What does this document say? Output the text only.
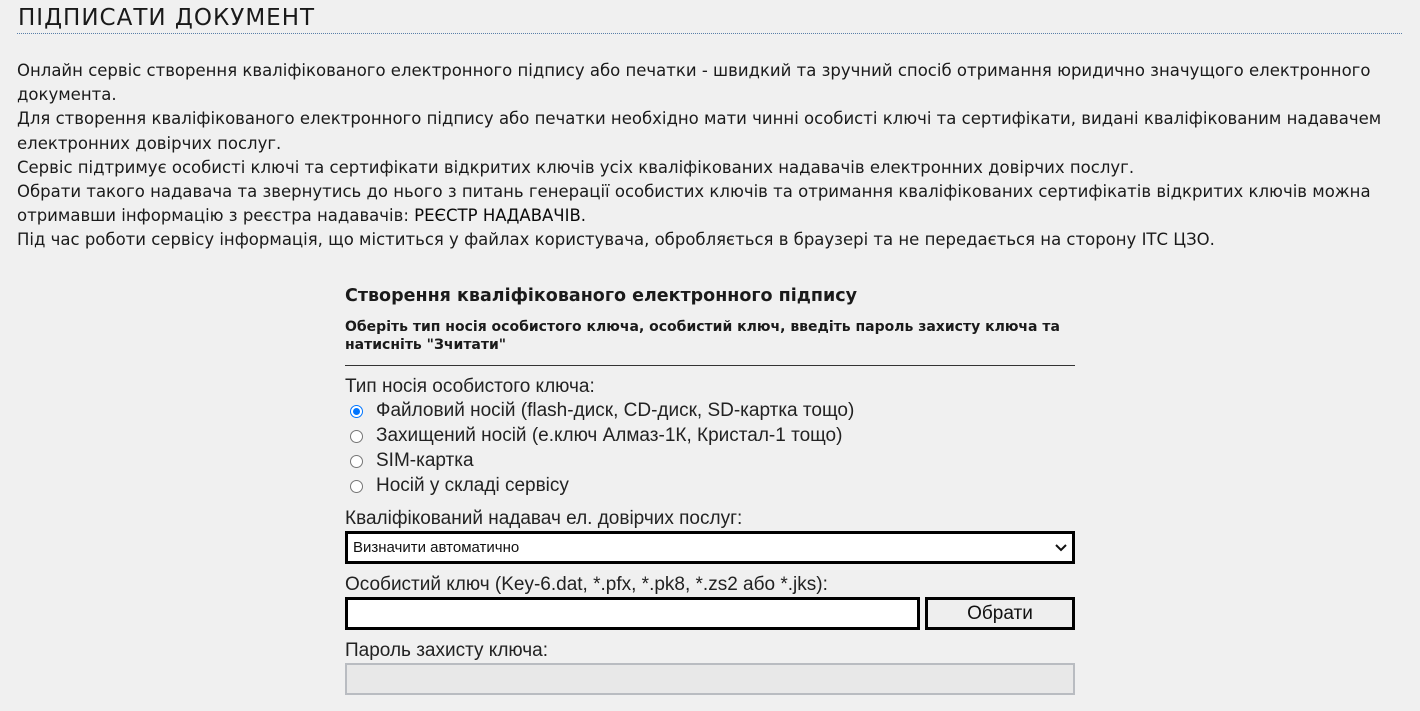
ПІДПИСАТИ ДОКУМЕНТ

Онлайн сервіс створення кваліфікованого електронного підпису або печатки - швидкий та зручний спосіб отримання юридично значущого електронного документа.

Для створення кваліфікованого електронного підпису або печатки необхідно мати чинні особисті ключі та сертифікати, видані кваліфікованим надавачем електронних довірчих послуг.

Сервіс підтримує особисті ключі та сертифікати відкритих ключів усіх кваліфікованих надавачів електронних довірчих послуг.

Обрати такого надавача та звернутись до нього з питань генерації особистих ключів та отримання кваліфікованих сертифікатів відкритих ключів можна отримавши інформацію з реєстра надавачів: РЕЄСТР НАДАВАЧІВ.

Під час роботи сервісу інформація, що міститься у файлах користувача, обробляється в браузері та не передається на сторону ІТС ЦЗО.

Створення кваліфікованого електронного підпису
Оберіть тип носія особистого ключа, особистий ключ, введіть пароль захисту ключа та натисніть "Зчитати"
Тип носія особистого ключа:
Файловий носій (flash-диск, CD-диск, SD-картка тощо)
Захищений носій (е.ключ Алмаз-1К, Кристал-1 тощо)
SIM-картка
Носій у складі сервісу
Кваліфікований надавач ел. довірчих послуг:
Визначити автоматично
Особистий ключ (Key-6.dat, *.pfx, *.pk8, *.zs2 або *.jks):
Обрати
Пароль захисту ключа:
